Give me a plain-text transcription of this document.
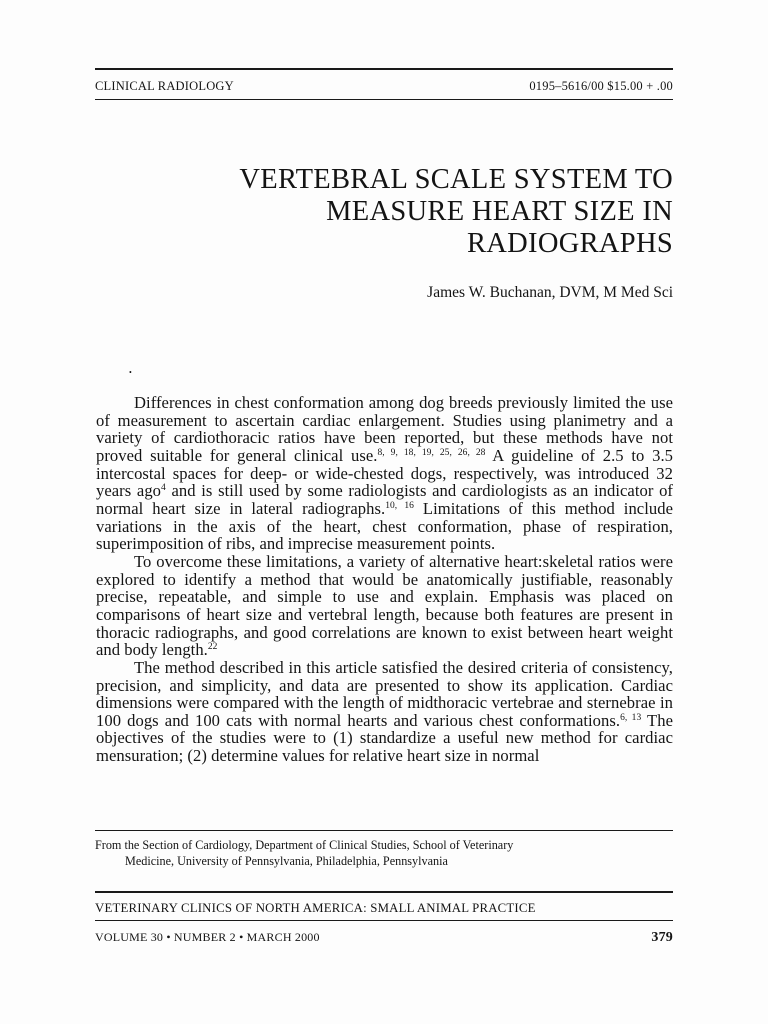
CLINICAL RADIOLOGY	0195–5616/00 $15.00 + .00
VERTEBRAL SCALE SYSTEM TO
MEASURE HEART SIZE IN
RADIOGRAPHS
James W. Buchanan, DVM, M Med Sci
•

Differences in chest conformation among dog breeds previously limited the use of measurement to ascertain cardiac enlargement. Studies using planimetry and a variety of cardiothoracic ratios have been reported, but these methods have not proved suitable for general clinical use.$^{8, 9, 18, 19, 25, 26, 28}$ A guideline of 2.5 to 3.5 intercostal spaces for deep- or wide-chested dogs, respectively, was introduced 32 years ago$^4$ and is still used by some radiologists and cardiologists as an indicator of normal heart size in lateral radiographs.$^{10, 16}$ Limitations of this method include variations in the axis of the heart, chest conformation, phase of respiration, superimposition of ribs, and imprecise measurement points.

To overcome these limitations, a variety of alternative heart:skeletal ratios were explored to identify a method that would be anatomically justifiable, reasonably precise, repeatable, and simple to use and explain. Emphasis was placed on comparisons of heart size and vertebral length, because both features are present in thoracic radiographs, and good correlations are known to exist between heart weight and body length.$^{22}$

The method described in this article satisfied the desired criteria of consistency, precision, and simplicity, and data are presented to show its application. Cardiac dimensions were compared with the length of midthoracic vertebrae and sternebrae in 100 dogs and 100 cats with normal hearts and various chest conformations.$^{6, 13}$ The objectives of the studies were to (1) standardize a useful new method for cardiac mensuration; (2) determine values for relative heart size in normal

From the Section of Cardiology, Department of Clinical Studies, School of Veterinary
Medicine, University of Pennsylvania, Philadelphia, Pennsylvania
VETERINARY CLINICS OF NORTH AMERICA: SMALL ANIMAL PRACTICE
VOLUME 30 • NUMBER 2 • MARCH 2000	379
